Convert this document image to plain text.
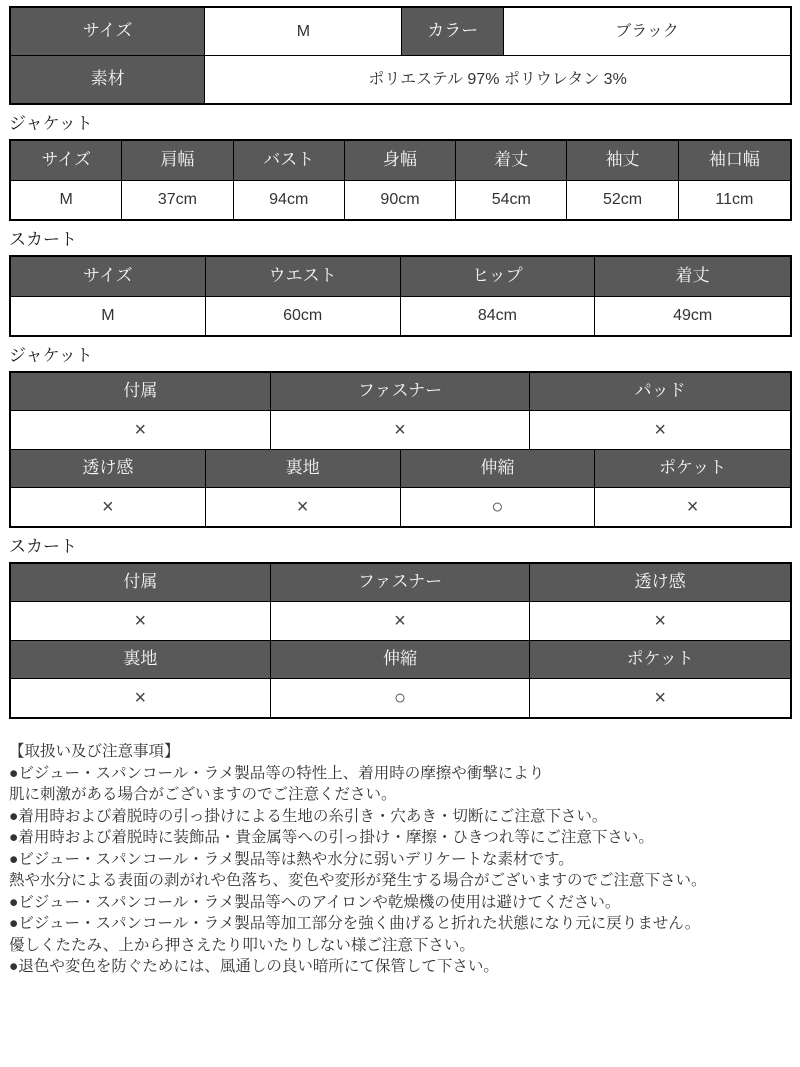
サイズ	M	カラー	ブラック
素材	ポリエステル 97% ポリウレタン 3%
ジャケット
サイズ	肩幅	バスト	身幅	着丈	袖丈	袖口幅
M	37cm	94cm	90cm	54cm	52cm	11cm
スカート
サイズ	ウエスト	ヒップ	着丈
M	60cm	84cm	49cm
ジャケット
付属	ファスナー	パッド
×	×	×
透け感	裏地	伸縮	ポケット
×	×	○	×
スカート
付属	ファスナー	透け感
×	×	×
裏地	伸縮	ポケット
×	○	×
【取扱い及び注意事項】
●ビジュー・スパンコール・ラメ製品等の特性上、着用時の摩擦や衝撃により
肌に刺激がある場合がございますのでご注意ください。
●着用時および着脱時の引っ掛けによる生地の糸引き・穴あき・切断にご注意下さい。
●着用時および着脱時に装飾品・貴金属等への引っ掛け・摩擦・ひきつれ等にご注意下さい。
●ビジュー・スパンコール・ラメ製品等は熱や水分に弱いデリケートな素材です。
熱や水分による表面の剥がれや色落ち、変色や変形が発生する場合がございますのでご注意下さい。
●ビジュー・スパンコール・ラメ製品等へのアイロンや乾燥機の使用は避けてください。
●ビジュー・スパンコール・ラメ製品等加工部分を強く曲げると折れた状態になり元に戻りません。
優しくたたみ、上から押さえたり叩いたりしない様ご注意下さい。
●退色や変色を防ぐためには、風通しの良い暗所にて保管して下さい。
